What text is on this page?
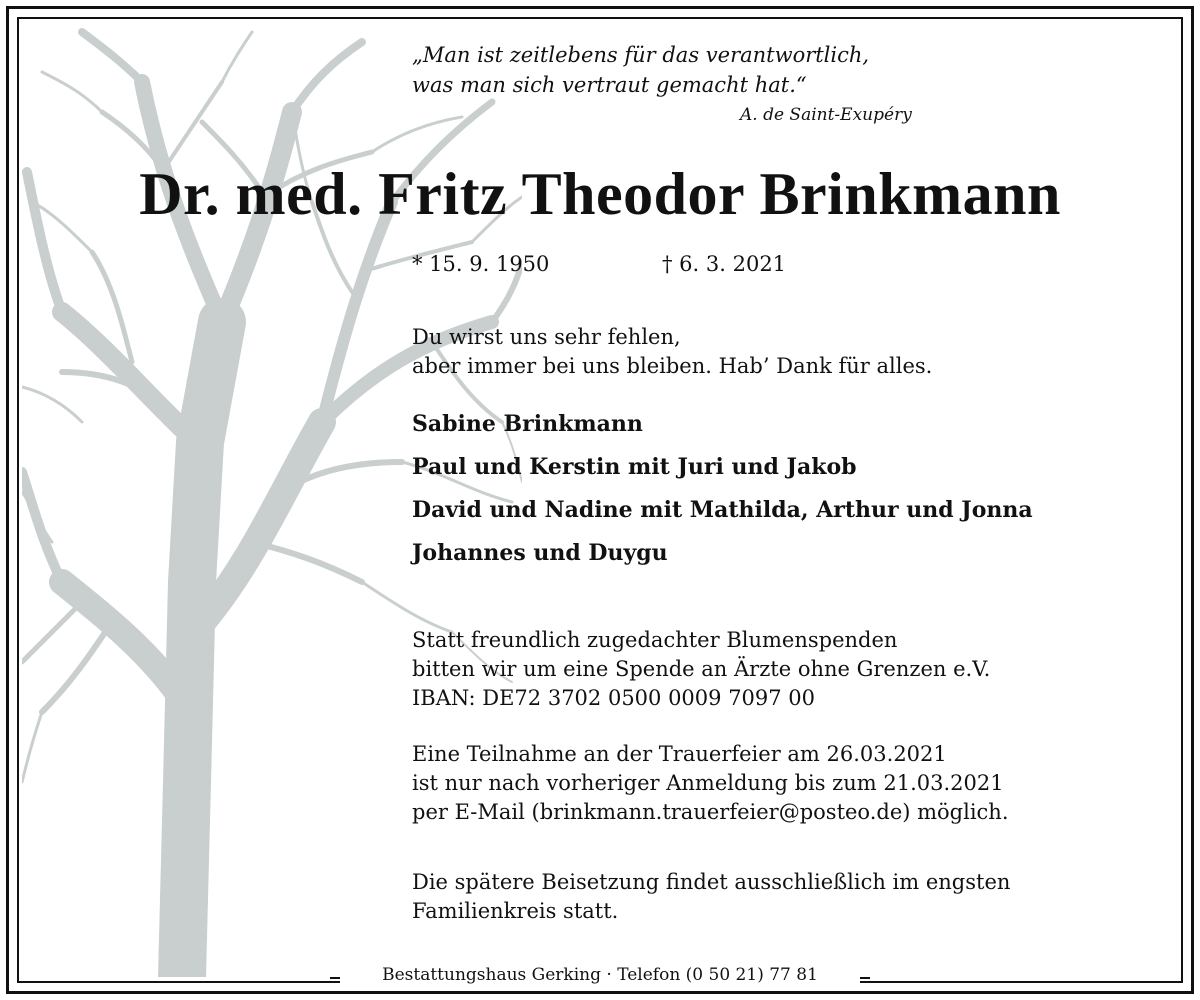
„Man ist zeitlebens für das verantwortlich,
was man sich vertraut gemacht hat.“
A. de Saint-Exupéry
Dr. med. Fritz Theodor Brinkmann
* 15. 9. 1950	† 6. 3. 2021
Du wirst uns sehr fehlen,
aber immer bei uns bleiben. Hab’ Dank für alles.
Sabine Brinkmann
Paul und Kerstin mit Juri und Jakob
David und Nadine mit Mathilda, Arthur und Jonna
Johannes und Duygu
Statt freundlich zugedachter Blumenspenden
bitten wir um eine Spende an Ärzte ohne Grenzen e.V.
IBAN: DE72 3702 0500 0009 7097 00
Eine Teilnahme an der Trauerfeier am 26.03.2021
ist nur nach vorheriger Anmeldung bis zum 21.03.2021
per E-Mail (brinkmann.trauerfeier@posteo.de) möglich.
Die spätere Beisetzung findet ausschließlich im engsten
Familienkreis statt.
Bestattungshaus Gerking · Telefon (0 50 21) 77 81
